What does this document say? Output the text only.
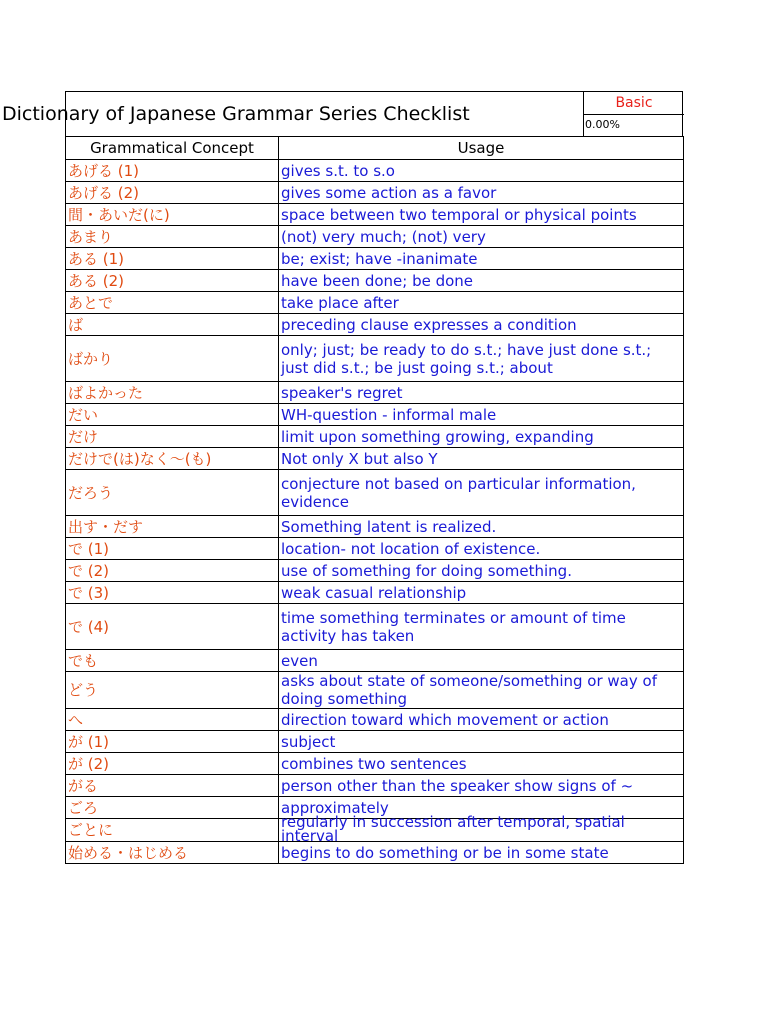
Dictionary of Japanese Grammar Series Checklist	Basic
0.00%
Grammatical Concept	Usage
あげる (1)	gives s.t. to s.o
あげる (2)	gives some action as a favor
間・あいだ(に)	space between two temporal or physical points
あまり	(not) very much; (not) very
ある (1)	be; exist; have -inanimate
ある (2)	have been done; be done
あとで	take place after
ば	preceding clause expresses a condition
ばかり	only; just; be ready to do s.t.; have just done s.t.; just did s.t.; be just going s.t.; about
ばよかった	speaker's regret
だい	WH-question - informal male
だけ	limit upon something growing, expanding
だけで(は)なく〜(も)	Not only X but also Y
だろう	conjecture not based on particular information, evidence
出す・だす	Something latent is realized.
で (1)	location- not location of existence.
で (2)	use of something for doing something.
で (3)	weak casual relationship
で (4)	time something terminates or amount of time activity has taken
でも	even
どう	asks about state of someone/something or way of doing something
へ	direction toward which movement or action
が (1)	subject
が (2)	combines two sentences
がる	person other than the speaker show signs of ~
ごろ	approximately
ごとに	regularly in succession after temporal, spatial interval

始める・はじめる	begins to do something or be in some state
